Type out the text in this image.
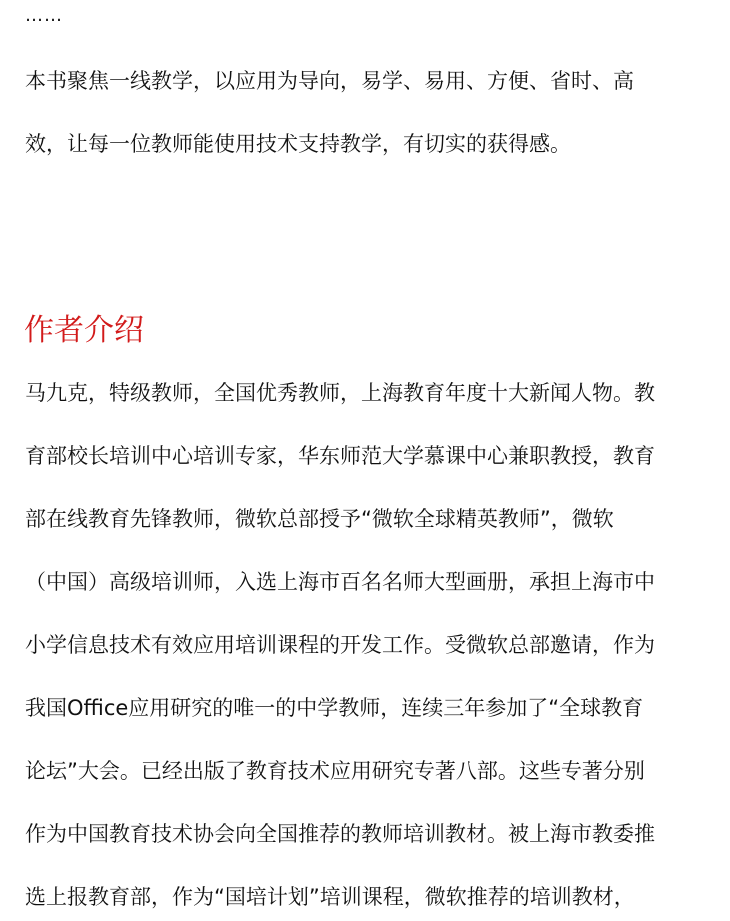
……
本书聚焦一线教学，以应用为导向，易学、易用、方便、省时、高
效，让每一位教师能使用技术支持教学，有切实的获得感。
作者介绍
马九克，特级教师，全国优秀教师，上海教育年度十大新闻人物。教
育部校长培训中心培训专家，华东师范大学慕课中心兼职教授，教育
部在线教育先锋教师，微软总部授予“微软全球精英教师”，微软
（中国）高级培训师，入选上海市百名名师大型画册，承担上海市中
小学信息技术有效应用培训课程的开发工作。受微软总部邀请，作为
我国Office应用研究的唯一的中学教师，连续三年参加了“全球教育
论坛”大会。已经出版了教育技术应用研究专著八部。这些专著分别
作为中国教育技术协会向全国推荐的教师培训教材。被上海市教委推
选上报教育部，作为“国培计划”培训课程，微软推荐的培训教材，
